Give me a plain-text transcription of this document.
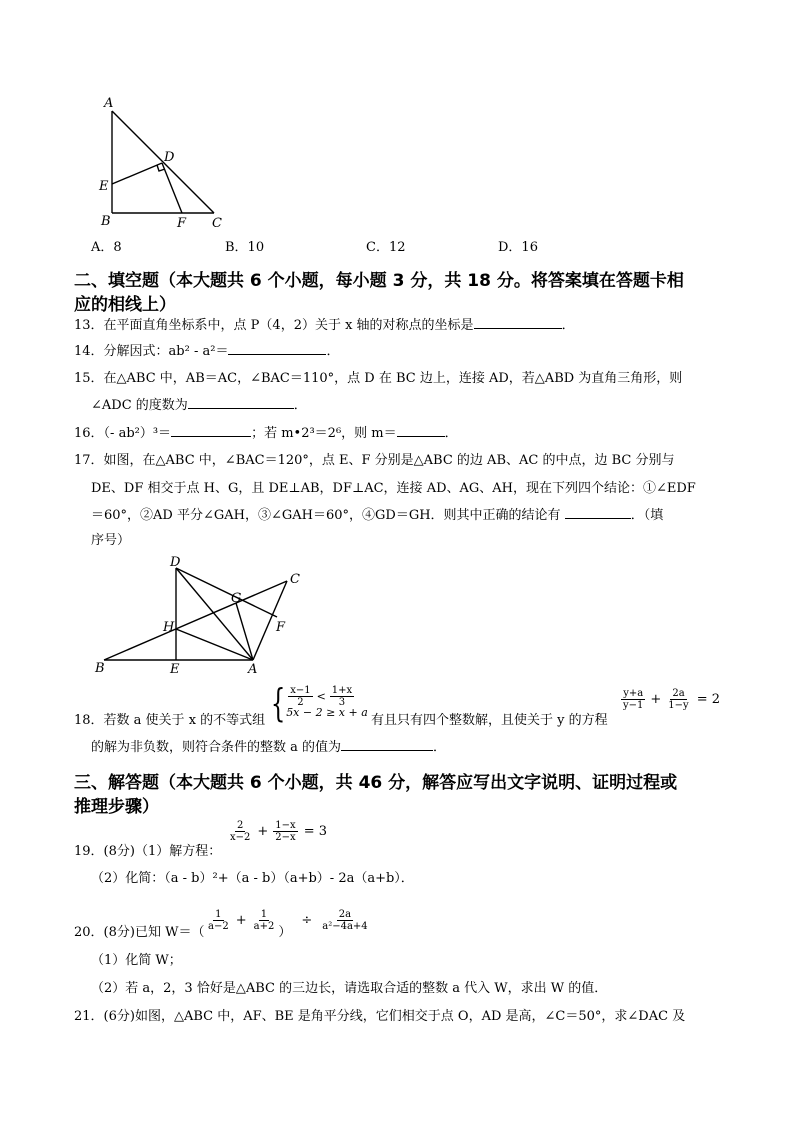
A
D
E
B	F C
A．8	B．10	C．12	D．16
二、填空题（本大题共 6 个小题，每小题 3 分，共 18 分。将答案填在答题卡相
应的相线上）
13．在平面直角坐标系中，点 P（4，2）关于 x 轴的对称点的坐标是	．
14．分解因式：ab² - a²＝	．
15．在△ABC 中，AB＝AC，∠BAC＝110°，点 D 在 BC 边上，连接 AD，若△ABD 为直角三角形，则
∠ADC 的度数为	．
16．（- ab²）³＝	；若 m•2³＝2⁶，则 m＝	．
17．如图，在△ABC 中，∠BAC＝120°，点 E、F 分别是△ABC 的边 AB、AC 的中点，边 BC 分别与
DE、DF 相交于点 H、G，且 DE⊥AB，DF⊥AC，连接 AD、AG、AH，现在下列四个结论：①∠EDF
＝60°，②AD 平分∠GAH，③∠GAH＝60°，④GD＝GH．则其中正确的结论有	．（填
序号）
D
C
G
H	F
B	E	A
18．若数 a 使关于 x 的不等式组 { $\frac{x-1}{2} < \frac{1+x}{3}$
5x − 2 ≥ x + a
有且只有四个整数解，且使关于 y 的方程
$\frac{y+a}{y-1} + \frac{2a}{1-y} = 2$
的解为非负数，则符合条件的整数 a 的值为	．
三、解答题（本大题共 6 个小题，共 46 分，解答应写出文字说明、证明过程或
推理步骤）
19．(8分)（1）解方程：
$\frac{2}{x-2} + \frac{1-x}{2-x} = 3$
（2）化简：（a - b）²+（a - b）（a+b）- 2a（a+b）．
20．(8分)已知 W＝（
$\frac{1}{a-2} + \frac{1}{a+2}$
）
÷ $\frac{2a}{\text{a²−4a+4}}$
（1）化简 W；
（2）若 a，2，3 恰好是△ABC 的三边长，请选取合适的整数 a 代入 W，求出 W 的值．
21．(6分)如图，△ABC 中，AF、BE 是角平分线，它们相交于点 O，AD 是高，∠C＝50°，求∠DAC 及
